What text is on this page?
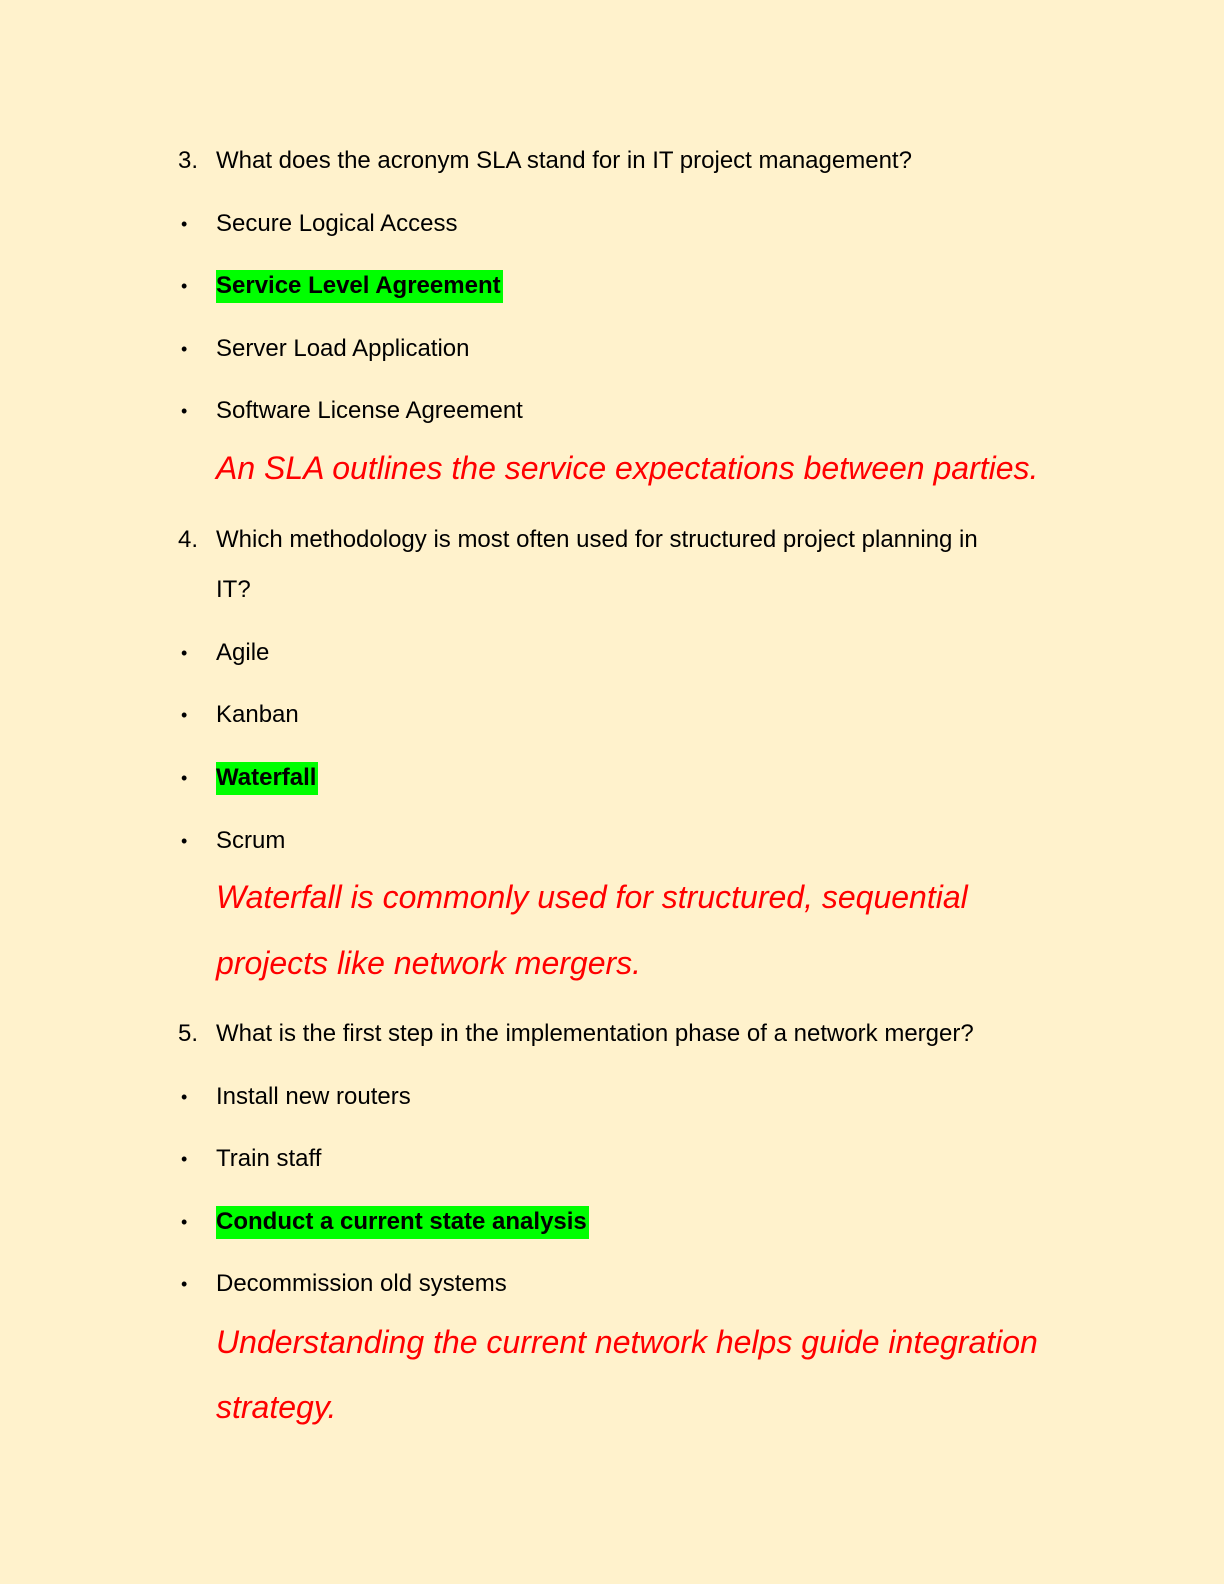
3. What does the acronym SLA stand for in IT project management?
• Secure Logical Access
• Service Level Agreement
• Server Load Application
• Software License Agreement
An SLA outlines the service expectations between parties.
4. Which methodology is most often used for structured project planning in
IT?
• Agile
• Kanban
• Waterfall
• Scrum
Waterfall is commonly used for structured, sequential
projects like network mergers.
5. What is the first step in the implementation phase of a network merger?
• Install new routers
• Train staff
• Conduct a current state analysis
• Decommission old systems
Understanding the current network helps guide integration
strategy.
